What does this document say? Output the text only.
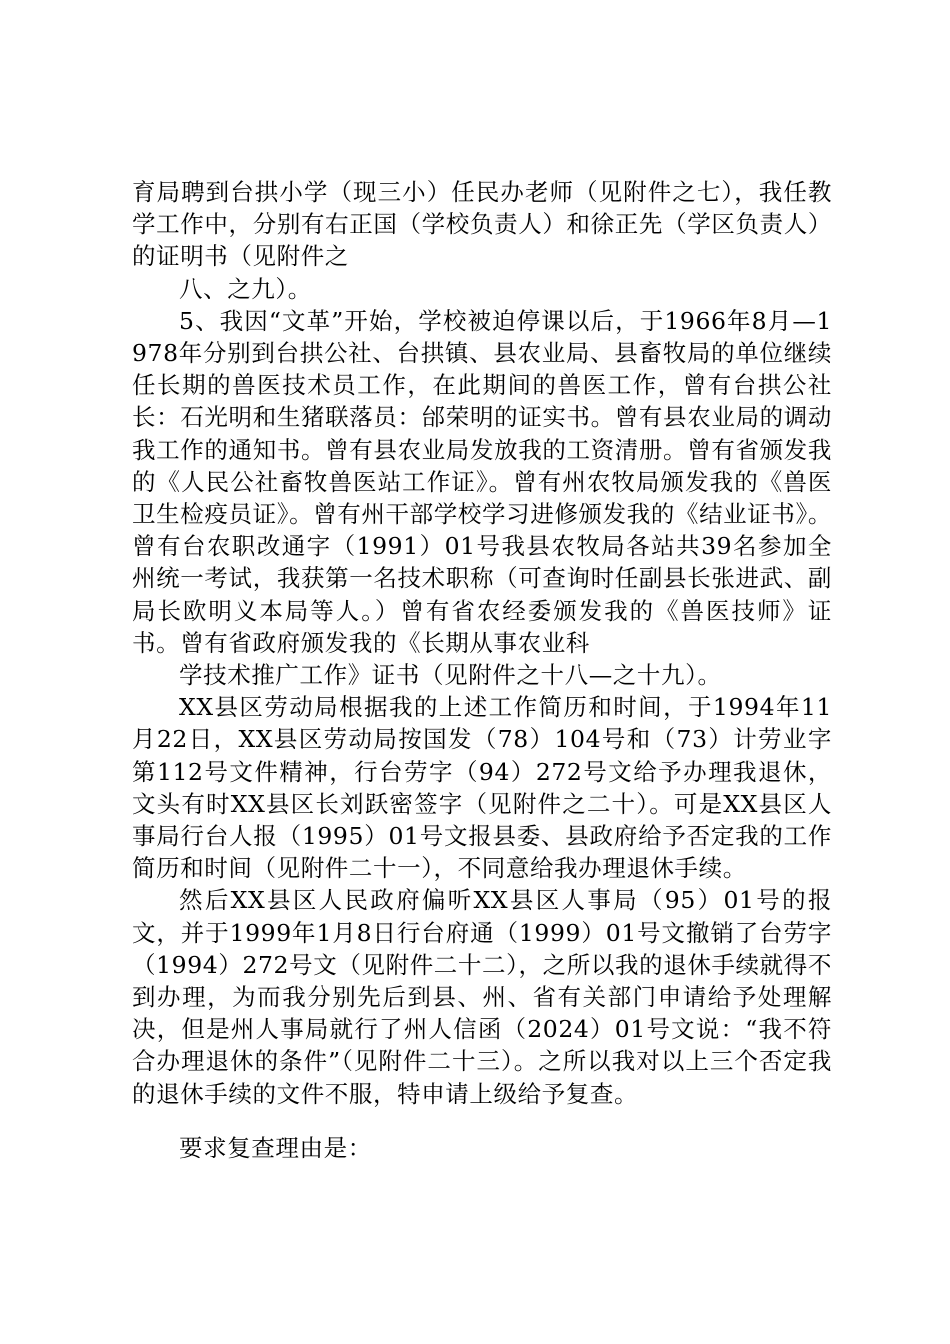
育局聘到台拱小学（现三小）任民办老师（见附件之七），我任教学工作中，分别有右正国（学校负责人）和徐正先（学区负责人）的证明书（见附件之

八、之九）。

5、我因“文革”开始，学校被迫停课以后，于1966年8月—1978年分别到台拱公社、台拱镇、县农业局、县畜牧局的单位继续任长期的兽医技术员工作，在此期间的兽医工作，曾有台拱公社长：石光明和生猪联落员：邰荣明的证实书。曾有县农业局的调动我工作的通知书。曾有县农业局发放我的工资清册。曾有省颁发我的《人民公社畜牧兽医站工作证》。曾有州农牧局颁发我的《兽医卫生检疫员证》。曾有州干部学校学习进修颁发我的《结业证书》。曾有台农职改通字（1991）01号我县农牧局各站共39名参加全州统一考试，我获第一名技术职称（可查询时任副县长张进武、副局长欧明义本局等人。）曾有省农经委颁发我的《兽医技师》证书。曾有省政府颁发我的《长期从事农业科

学技术推广工作》证书（见附件之十八—之十九）。

XX县区劳动局根据我的上述工作简历和时间，于1994年11月22日，XX县区劳动局按国发（78）104号和（73）计劳业字第112号文件精神，行台劳字（94）272号文给予办理我退休，文头有时XX县区长刘跃密签字（见附件之二十）。可是XX县区人事局行台人报（1995）01号文报县委、县政府给予否定我的工作简历和时间（见附件二十一），不同意给我办理退休手续。

然后XX县区人民政府偏听XX县区人事局（95）01号的报文，并于1999年1月8日行台府通（1999）01号文撤销了台劳字（1994）272号文（见附件二十二），之所以我的退休手续就得不到办理，为而我分别先后到县、州、省有关部门申请给予处理解决，但是州人事局就行了州人信函（2024）01号文说：“我不符合办理退休的条件”（见附件二十三）。之所以我对以上三个否定我的退休手续的文件不服，特申请上级给予复查。

要求复查理由是：
